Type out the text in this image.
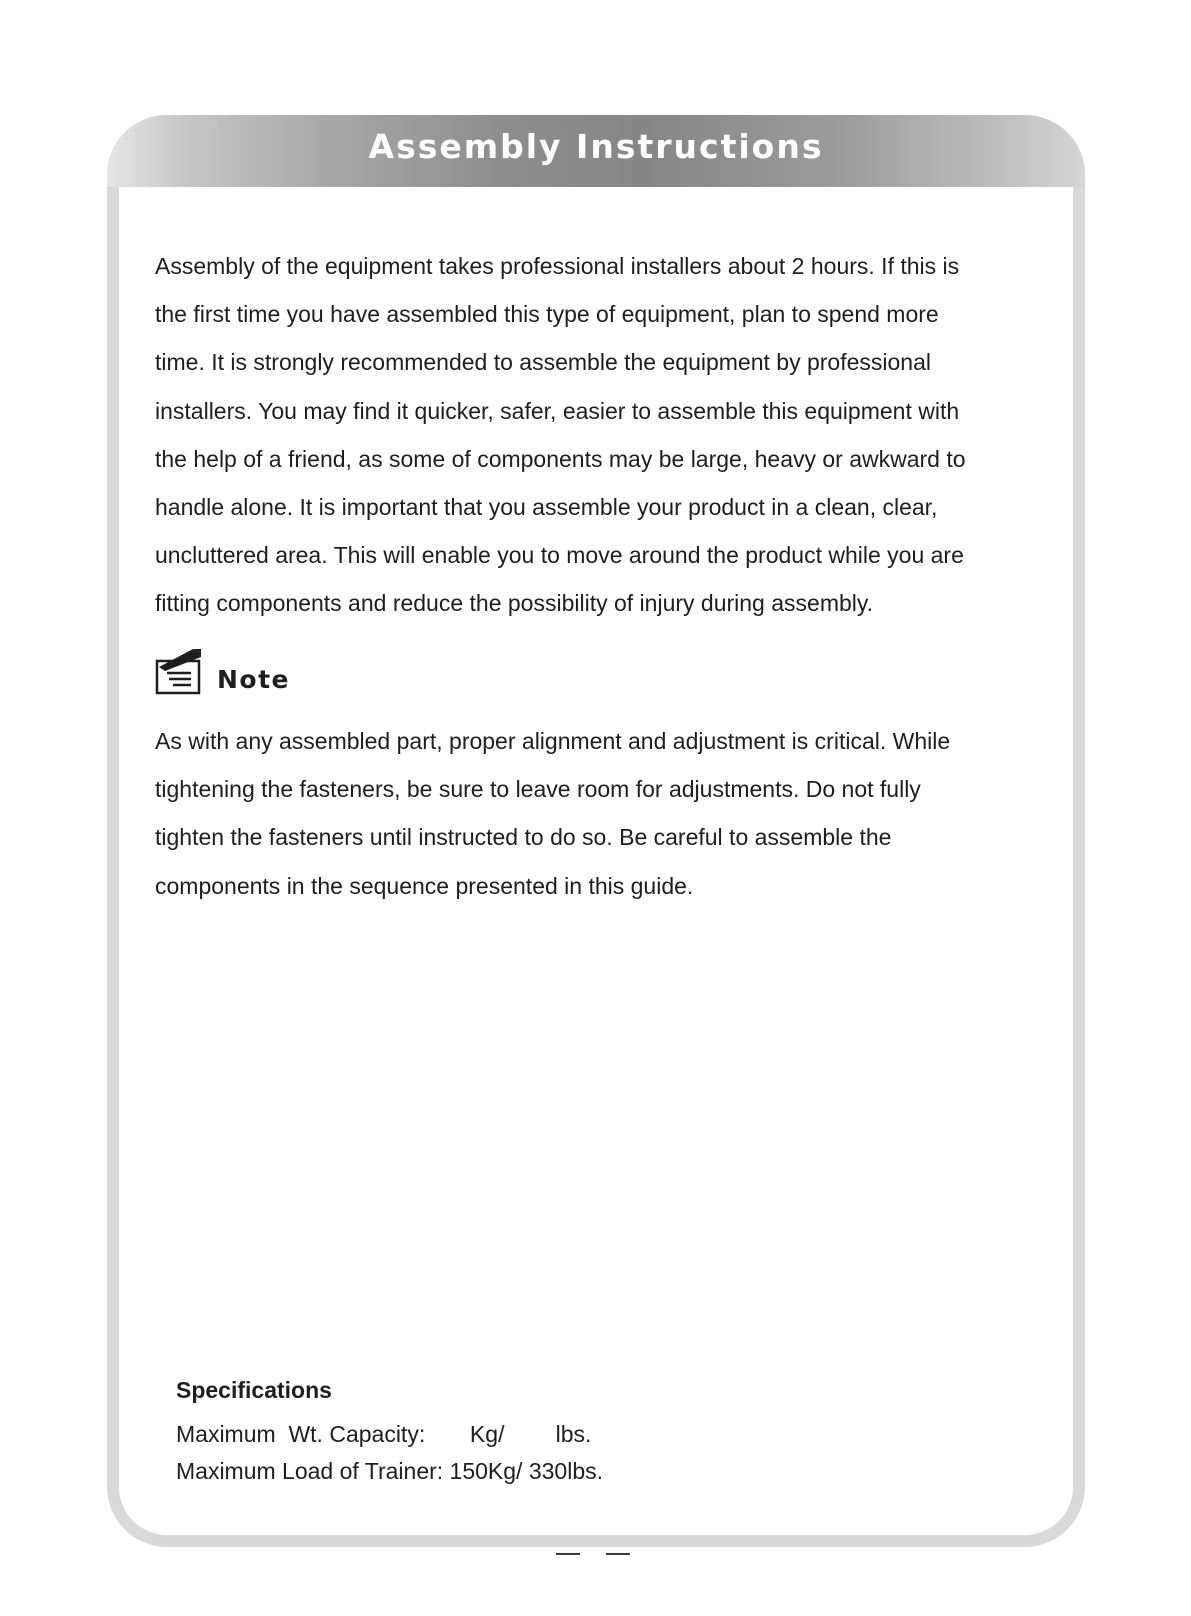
Assembly Instructions

Assembly of the equipment takes professional installers about 2 hours. If this is

the first time you have assembled this type of equipment, plan to spend more

time. It is strongly recommended to assemble the equipment by professional

installers. You may find it quicker, safer, easier to assemble this equipment with

the help of a friend, as some of components may be large, heavy or awkward to

handle alone. It is important that you assemble your product in a clean, clear,

uncluttered area. This will enable you to move around the product while you are

fitting components and reduce the possibility of injury during assembly.

Note

As with any assembled part, proper alignment and adjustment is critical. While

tightening the fasteners, be sure to leave room for adjustments. Do not fully

tighten the fasteners until instructed to do so. Be careful to assemble the

components in the sequence presented in this guide.

Specifications

Maximum  Wt. Capacity:       Kg/        lbs.

Maximum Load of Trainer: 150Kg/ 330lbs.
